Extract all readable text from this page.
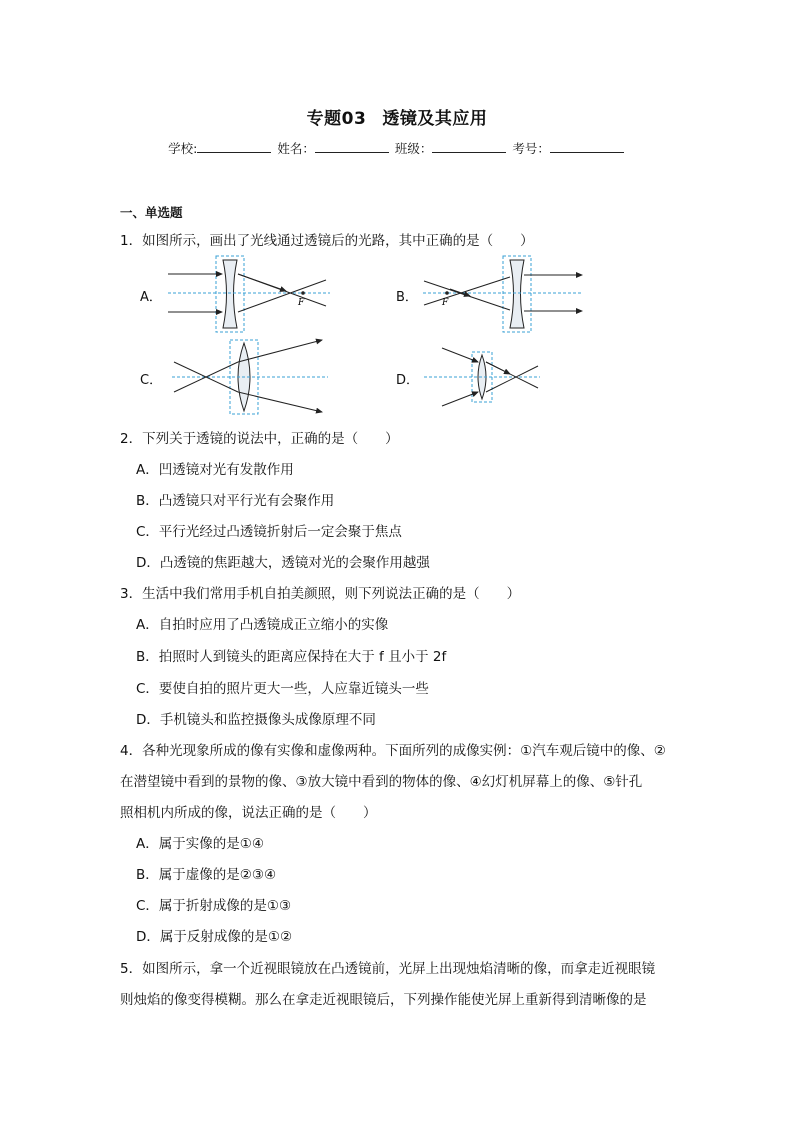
专题03 透镜及其应用
学校:	姓名：	班级：	考号：
一、单选题
1．如图所示，画出了光线通过透镜后的光路，其中正确的是（　　）
A．	B．
C．	D．
F	F
2．下列关于透镜的说法中，正确的是（　　）
A．凹透镜对光有发散作用
B．凸透镜只对平行光有会聚作用
C．平行光经过凸透镜折射后一定会聚于焦点
D．凸透镜的焦距越大，透镜对光的会聚作用越强
3．生活中我们常用手机自拍美颜照，则下列说法正确的是（　　）
A．自拍时应用了凸透镜成正立缩小的实像
B．拍照时人到镜头的距离应保持在大于 f 且小于 2f
C．要使自拍的照片更大一些，人应靠近镜头一些
D．手机镜头和监控摄像头成像原理不同
4．各种光现象所成的像有实像和虚像两种。下面所列的成像实例：①汽车观后镜中的像、②
在潜望镜中看到的景物的像、③放大镜中看到的物体的像、④幻灯机屏幕上的像、⑤针孔
照相机内所成的像，说法正确的是（　　）
A．属于实像的是①④
B．属于虚像的是②③④
C．属于折射成像的是①③
D．属于反射成像的是①②
5．如图所示，拿一个近视眼镜放在凸透镜前，光屏上出现烛焰清晰的像，而拿走近视眼镜
则烛焰的像变得模糊。那么在拿走近视眼镜后，下列操作能使光屏上重新得到清晰像的是
